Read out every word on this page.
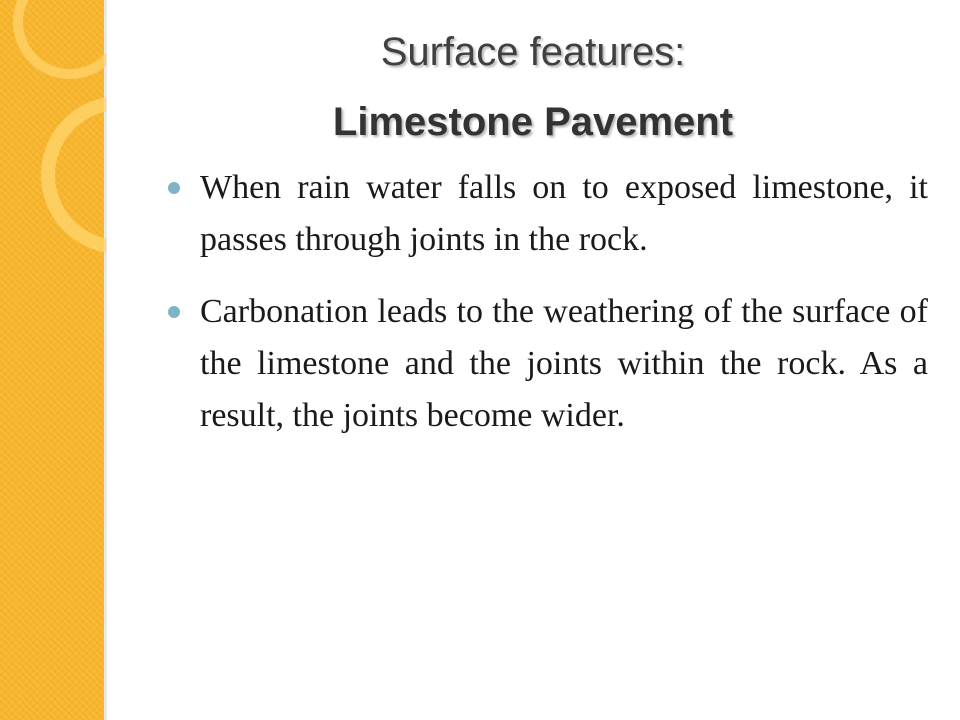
Surface features:
Limestone Pavement
When rain water falls on to exposed limestone, it passes through joints in the rock.
Carbonation leads to the weathering of the surface of the limestone and the joints within the rock. As a result, the joints become wider.
